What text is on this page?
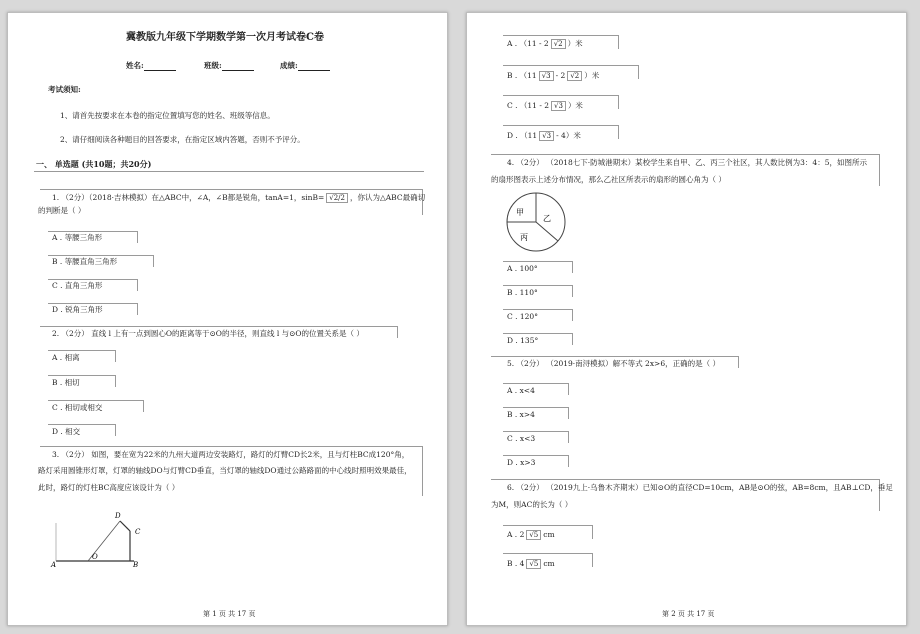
冀教版九年级下学期数学第一次月考试卷C卷
姓名:	班级:	成绩:
考试须知:
1、请首先按要求在本卷的指定位置填写您的姓名、班级等信息。
2、请仔细阅读各种题目的回答要求，在指定区域内答题，否则不予评分。
一、 单选题 (共10题；共20分)
1. （2分）（2018·吉林模拟）在△ABC中，∠A，∠B都是锐角，tanA=1，sinB= √2/2 ，你认为△ABC最确切
的判断是（ ）
A . 等腰三角形
B . 等腰直角三角形
C . 直角三角形
D . 锐角三角形
2. （2分） 直线 l 上有一点到圆心O的距离等于⊙O的半径，则直线 l 与⊙O的位置关系是（ ）
A . 相离
B . 相切
C . 相切或相交
D . 相交
3. （2分） 如图，要在宽为22米的九州大道两边安装路灯，路灯的灯臂CD长2米，且与灯柱BC成120°角，
路灯采用圆锥形灯罩，灯罩的轴线DO与灯臂CD垂直，当灯罩的轴线DO通过公路路面的中心线时照明效果最佳，
此时，路灯的灯柱BC高度应该设计为（ ）
A	B
C
D
O
第 1 页 共 17 页
A . （11 - 2 √2 ）米
B . （11 √3 - 2 √2 ）米
C . （11 - 2 √3 ）米
D . （11 √3 - 4）米
4. （2分） （2018七下·防城港期末）某校学生来自甲、乙、丙三个社区，其人数比例为3：4：5，如图所示
的扇形图表示上述分布情况，那么乙社区所表示的扇形的圆心角为（ ）
甲
乙
丙
A . 100°
B . 110°
C . 120°
D . 135°
5. （2分） （2019·南浔模拟）解不等式 2x>6，正确的是（ ）
A . x<4
B . x>4
C . x<3
D . x>3
6. （2分） （2019九上·乌鲁木齐期末）已知⊙O的直径CD=10cm，AB是⊙O的弦，AB=8cm，且AB⊥CD，垂足
为M，则AC的长为（ ）
A . 2 √5 cm
B . 4 √5 cm
第 2 页 共 17 页
